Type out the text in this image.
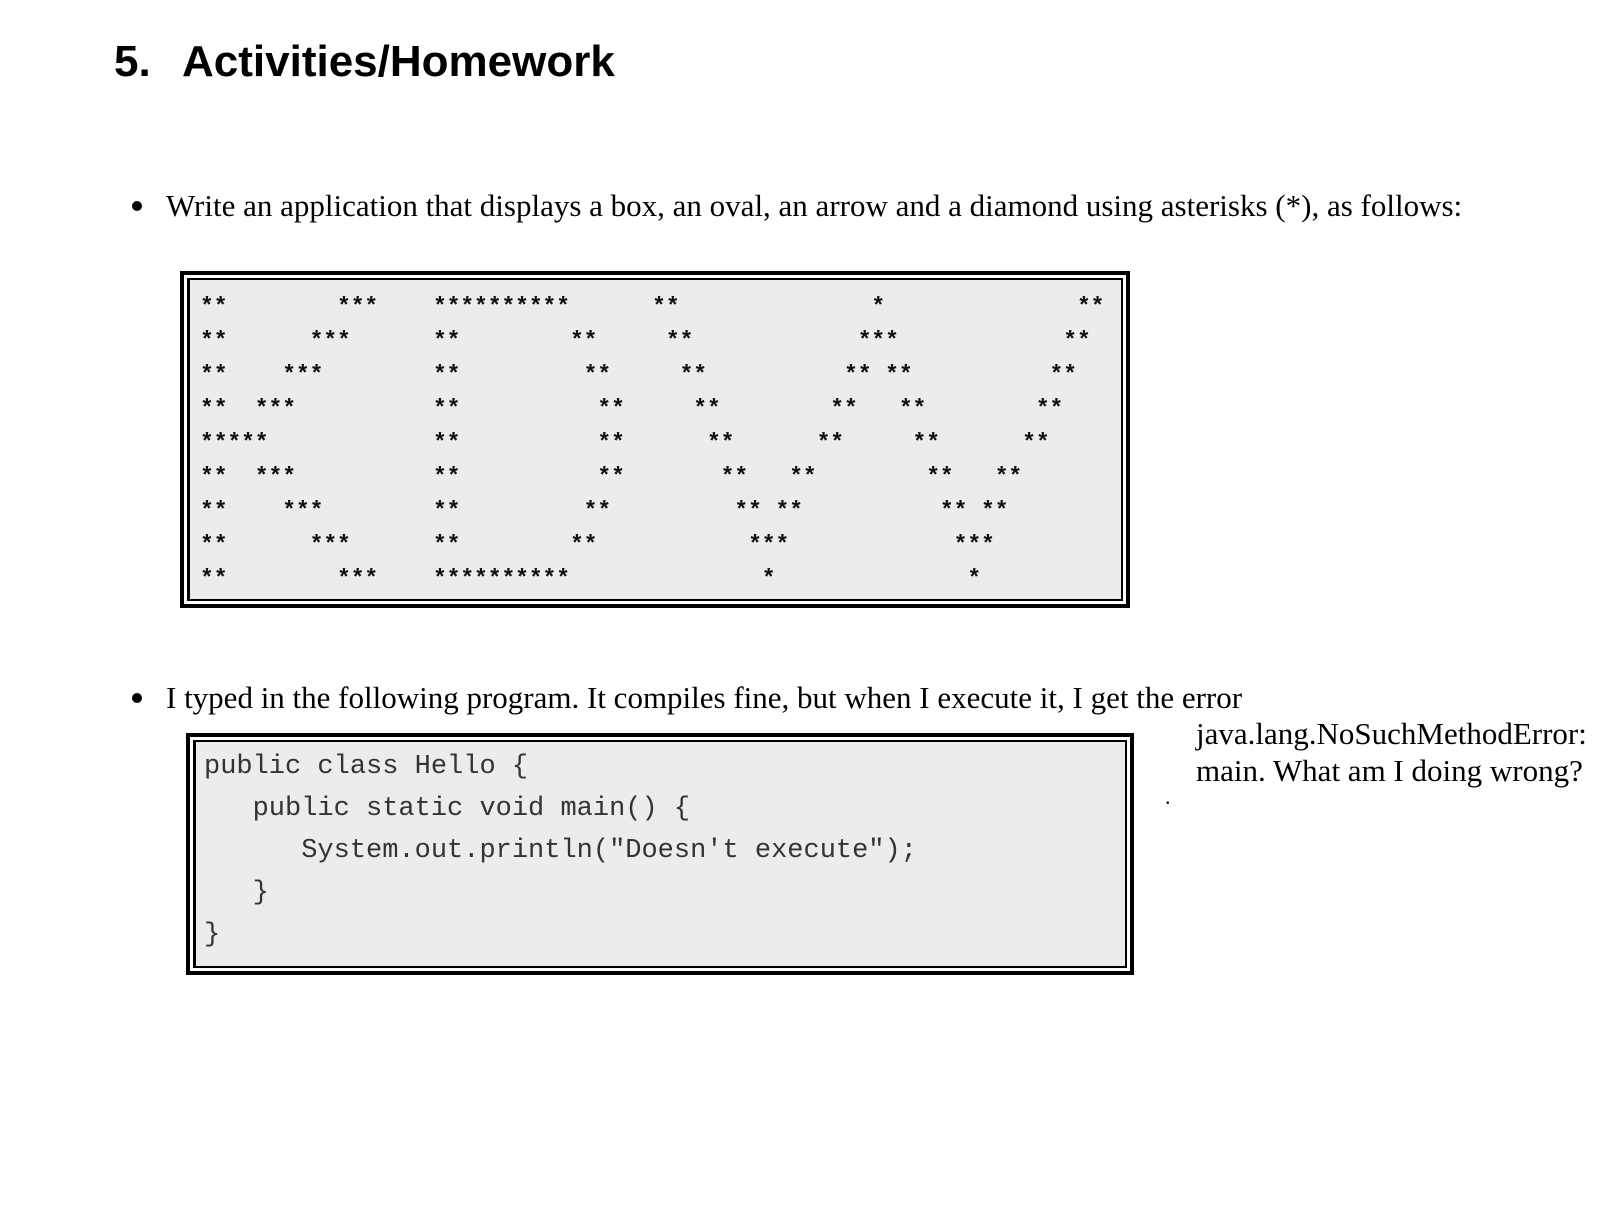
5. Activities/Homework
Write an application that displays a box, an oval, an arrow and a diamond using asterisks (*), as follows:
**        ***    **********      **              *              **
**      ***      **        **     **            ***            **
**    ***        **         **     **          ** **          **
**  ***          **          **     **        **   **        **
*****            **          **      **      **     **      **
**  ***          **          **       **   **        **   **
**    ***        **         **         ** **          ** **
**      ***      **        **           ***            ***
**        ***    **********              *              *
I typed in the following program. It compiles fine, but when I execute it, I get the error
public class Hello {
public static void main() {
System.out.println("Doesn't execute");
}
}
java.lang.NoSuchMethodError:
main. What am I doing wrong?
.
